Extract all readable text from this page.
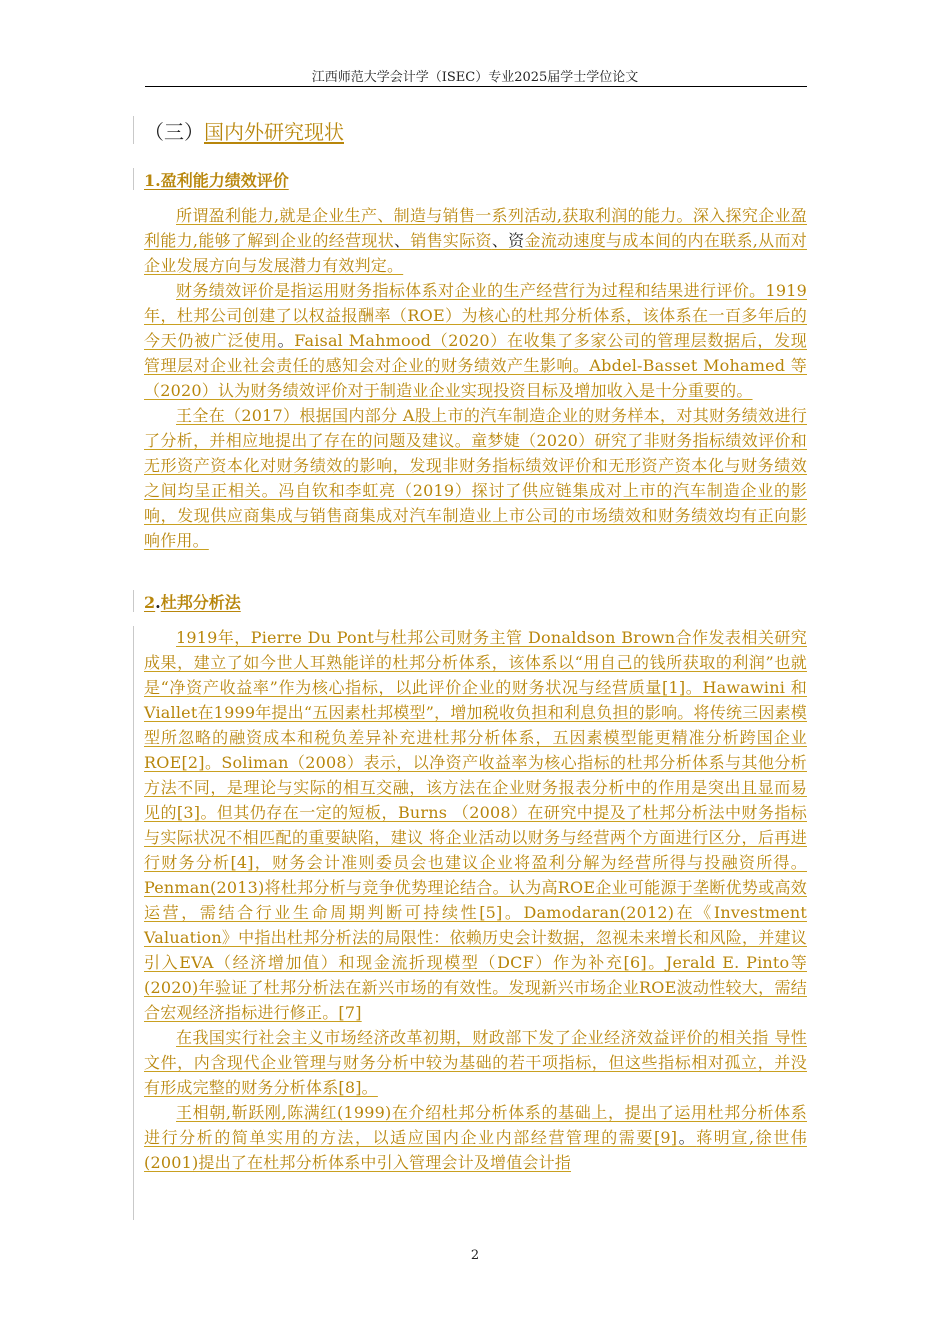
江西师范大学会计学（ISEC）专业2025届学士学位论文
（三）国内外研究现状
1.盈利能力绩效评价

所谓盈利能力,就是企业生产、制造与销售一系列活动,获取利润的能力。深入探究企业盈利能力,能够了解到企业的经营现状、销售实际资、资金流动速度与成本间的内在联系,从而对企业发展方向与发展潜力有效判定。

财务绩效评价是指运用财务指标体系对企业的生产经营行为过程和结果进行评价。1919年，杜邦公司创建了以权益报酬率（ROE）为核心的杜邦分析体系，该体系在一百多年后的今天仍被广泛使用。Faisal Mahmood（2020）在收集了多家公司的管理层数据后，发现管理层对企业社会责任的感知会对企业的财务绩效产生影响。Abdel-Basset Mohamed 等（2020）认为财务绩效评价对于制造业企业实现投资目标及增加收入是十分重要的。

王全在（2017）根据国内部分 A股上市的汽车制造企业的财务样本，对其财务绩效进行了分析，并相应地提出了存在的问题及建议。童梦婕（2020）研究了非财务指标绩效评价和无形资产资本化对财务绩效的影响，发现非财务指标绩效评价和无形资产资本化与财务绩效之间均呈正相关。冯自钦和李虹亮（2019）探讨了供应链集成对上市的汽车制造企业的影响，发现供应商集成与销售商集成对汽车制造业上市公司的市场绩效和财务绩效均有正向影响作用。

2.杜邦分析法

1919年，Pierre Du Pont与杜邦公司财务主管 Donaldson Brown合作发表相关研究成果，建立了如今世人耳熟能详的杜邦分析体系，该体系以“用自己的钱所获取的利润”也就是“净资产收益率”作为核心指标，以此评价企业的财务状况与经营质量[1]。Hawawini 和 Viallet在1999年提出“五因素杜邦模型”，增加税收负担和利息负担的影响。将传统三因素模型所忽略的融资成本和税负差异补充进杜邦分析体系，五因素模型能更精准分析跨国企业 ROE[2]。Soliman（2008）表示，以净资产收益率为核心指标的杜邦分析体系与其他分析方法不同，是理论与实际的相互交融，该方法在企业财务报表分析中的作用是突出且显而易见的[3]。但其仍存在一定的短板，Burns （2008）在研究中提及了杜邦分析法中财务指标与实际状况不相匹配的重要缺陷，建议 将企业活动以财务与经营两个方面进行区分，后再进行财务分析[4]，财务会计准则委员会也建议企业将盈利分解为经营所得与投融资所得。Penman(2013)将杜邦分析与竞争优势理论结合。认为高ROE企业可能源于垄断优势或高效运营，需结合行业生命周期判断可持续性[5]。Damodaran(2012)在《Investment Valuation》中指出杜邦分析法的局限性：依赖历史会计数据，忽视未来增长和风险，并建议引入EVA（经济增加值）和现金流折现模型（DCF）作为补充[6]。Jerald E. Pinto等(2020)年验证了杜邦分析法在新兴市场的有效性。发现新兴市场企业ROE波动性较大，需结合宏观经济指标进行修正。[7]

在我国实行社会主义市场经济改革初期，财政部下发了企业经济效益评价的相关指 导性文件，内含现代企业管理与财务分析中较为基础的若干项指标，但这些指标相对孤立，并没有形成完整的财务分析体系[8]。

王相朝,靳跃刚,陈满红(1999)在介绍杜邦分析体系的基础上，提出了运用杜邦分析体系进行分析的简单实用的方法，以适应国内企业内部经营管理的需要[9]。蒋明宣,徐世伟(2001)提出了在杜邦分析体系中引入管理会计及增值会计指

2
